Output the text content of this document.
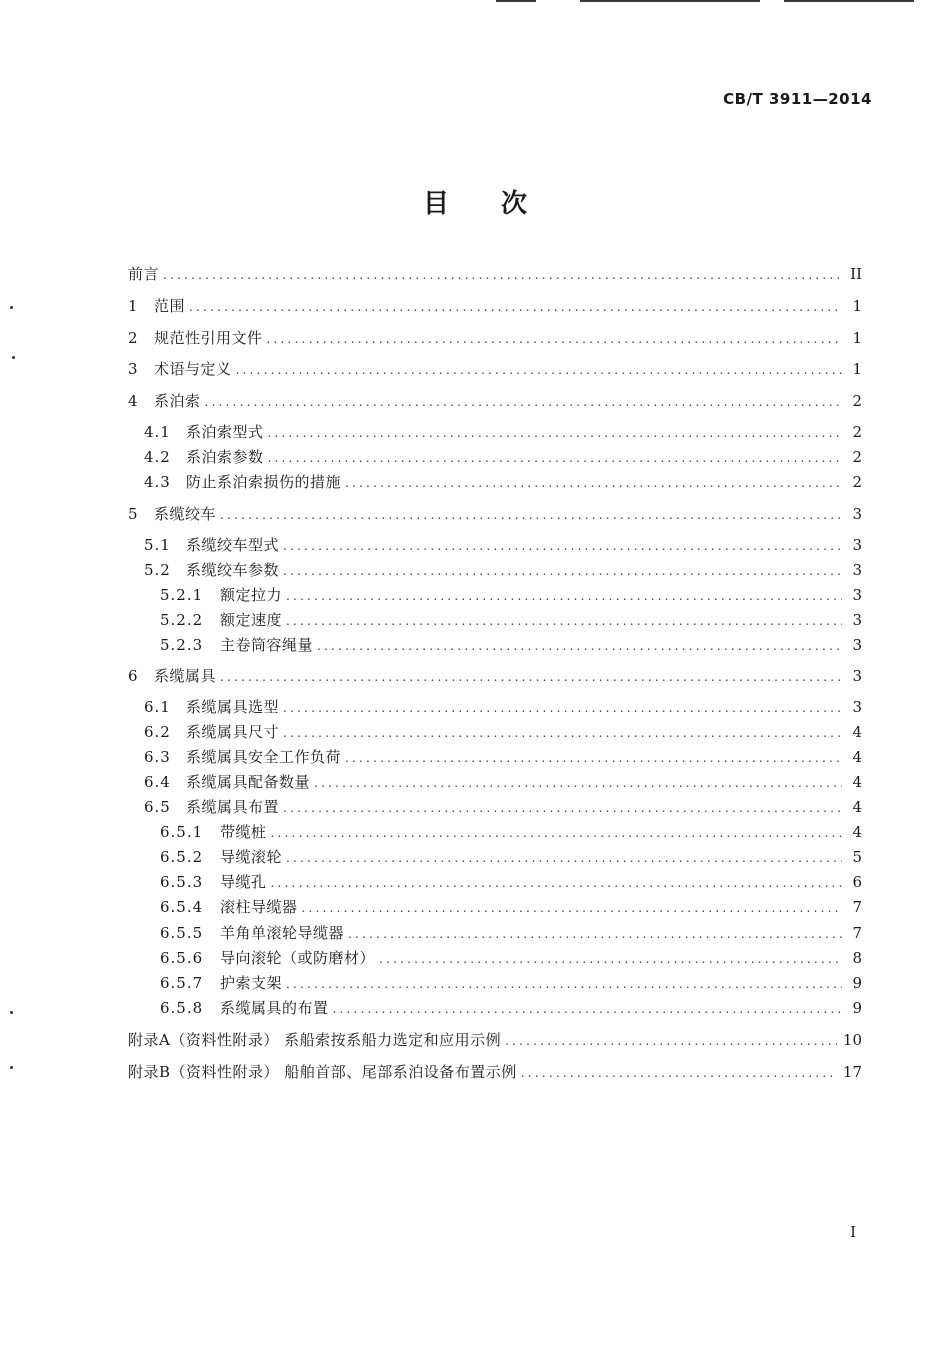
CB/T 3911—2014
目次
前言 .....	II
1	范围 .....	1
2	规范性引用文件 .....	1
3	术语与定义 .....	1
4	系泊索 .....	2
4.1	系泊索型式 .....	2
4.2	系泊索参数 .....	2
4.3	防止系泊索损伤的措施 .....	2
5	系缆绞车 .....	3
5.1	系缆绞车型式 .....	3
5.2	系缆绞车参数 .....	3
5.2.1	额定拉力 .....	3
5.2.2	额定速度 .....	3
5.2.3	主卷筒容绳量 .....	3
6	系缆属具 .....	3
6.1	系缆属具选型 .....	3
6.2	系缆属具尺寸 .....	4
6.3	系缆属具安全工作负荷 .....	4
6.4	系缆属具配备数量 .....	4
6.5	系缆属具布置 .....	4
6.5.1	带缆桩 .....	4
6.5.2	导缆滚轮 .....	5
6.5.3	导缆孔 .....	6
6.5.4	滚柱导缆器 .....	7
6.5.5	羊角单滚轮导缆器 .....	7
6.5.6	导向滚轮（或防磨材） .....	8
6.5.7	护索支架 .....	9
6.5.8	系缆属具的布置 .....	9
附录A（资料性附录） 系船索按系船力选定和应用示例 .....	10
附录B（资料性附录） 船舶首部、尾部系泊设备布置示例 .....	17
I
